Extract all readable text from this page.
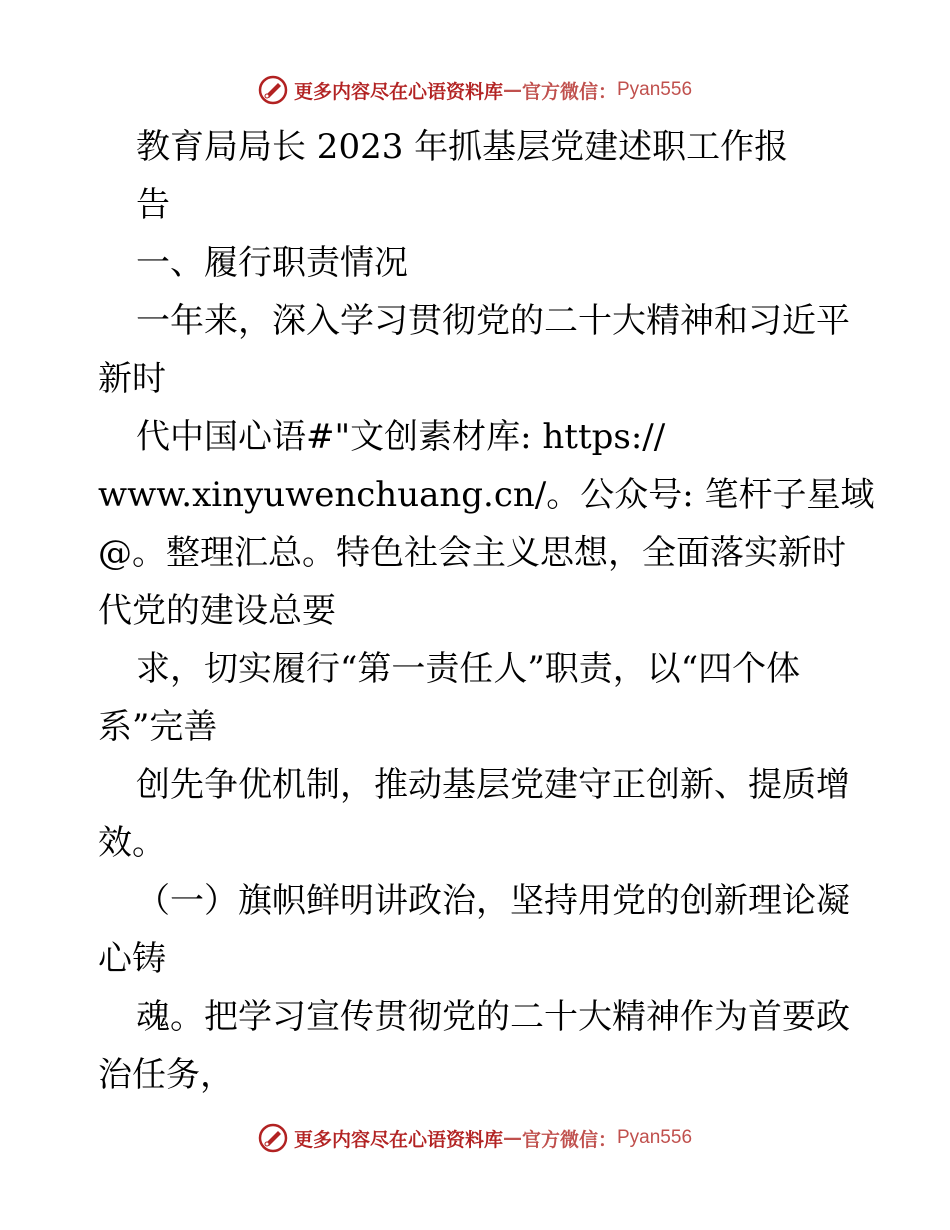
更多内容尽在心语资料库 — 官方微信： Pyan556
教育局局长 2023 年抓基层党建述职工作报
告
一、履行职责情况
一年来，深入学习贯彻党的二十大精神和习近平
新时
代中国心语#"文创素材库: https://
www.xinyuwenchuang.cn/。公众号: 笔杆子星域
@。整理汇总。特色社会主义思想，全面落实新时
代党的建设总要
求，切实履行“第一责任人”职责，以“四个体
系”完善
创先争优机制，推动基层党建守正创新、提质增
效。
（一）旗帜鲜明讲政治，坚持用党的创新理论凝
心铸
魂。把学习宣传贯彻党的二十大精神作为首要政
治任务，
更多内容尽在心语资料库 — 官方微信： Pyan556
